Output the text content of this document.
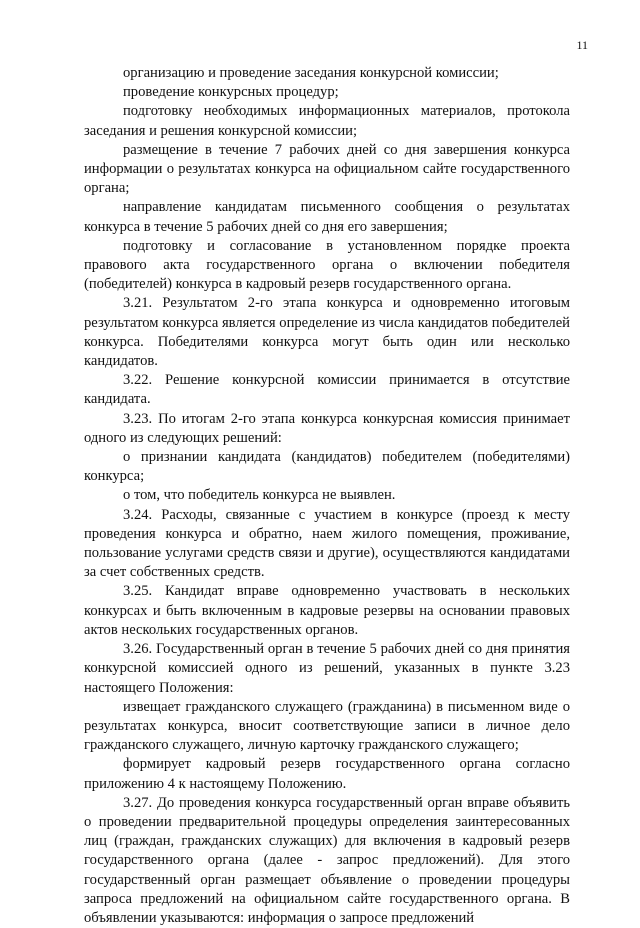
11

организацию и проведение заседания конкурсной комиссии;

проведение конкурсных процедур;

подготовку необходимых информационных материалов, протокола заседания и решения конкурсной комиссии;

размещение в течение 7 рабочих дней со дня завершения конкурса информации о результатах конкурса на официальном сайте государственного органа;

направление кандидатам письменного сообщения о результатах конкурса в течение 5 рабочих дней со дня его завершения;

подготовку и согласование в установленном порядке проекта правового акта государственного органа о включении победителя (победителей) конкурса в кадровый резерв государственного органа.

3.21. Результатом 2-го этапа конкурса и одновременно итоговым результатом конкурса является определение из числа кандидатов победителей конкурса. Победителями конкурса могут быть один или несколько кандидатов.

3.22. Решение конкурсной комиссии принимается в отсутствие кандидата.

3.23. По итогам 2-го этапа конкурса конкурсная комиссия принимает одного из следующих решений:

о признании кандидата (кандидатов) победителем (победителями) конкурса;

о том, что победитель конкурса не выявлен.

3.24. Расходы, связанные с участием в конкурсе (проезд к месту проведения конкурса и обратно, наем жилого помещения, проживание, пользование услугами средств связи и другие), осуществляются кандидатами за счет собственных средств.

3.25. Кандидат вправе одновременно участвовать в нескольких конкурсах и быть включенным в кадровые резервы на основании правовых актов нескольких государственных органов.

3.26. Государственный орган в течение 5 рабочих дней со дня принятия конкурсной комиссией одного из решений, указанных в пункте 3.23 настоящего Положения:

извещает гражданского служащего (гражданина) в письменном виде о результатах конкурса, вносит соответствующие записи в личное дело гражданского служащего, личную карточку гражданского служащего;

формирует кадровый резерв государственного органа согласно приложению 4 к настоящему Положению.

3.27. До проведения конкурса государственный орган вправе объявить о проведении предварительной процедуры определения заинтересованных лиц (граждан, гражданских служащих) для включения в кадровый резерв государственного органа (далее - запрос предложений). Для этого государственный орган размещает объявление о проведении процедуры запроса предложений на официальном сайте государственного органа. В объявлении указываются: информация о запросе предложений
